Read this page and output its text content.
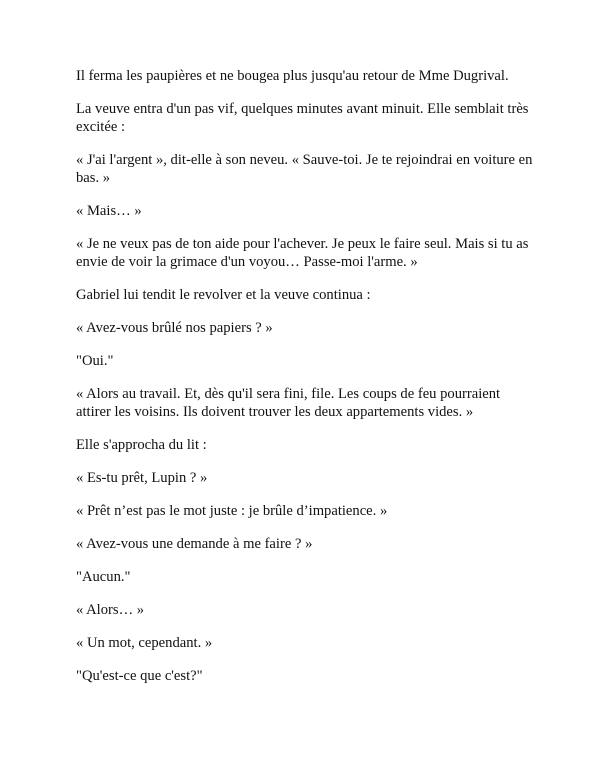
Il ferma les paupières et ne bougea plus jusqu'au retour de Mme Dugrival.

La veuve entra d'un pas vif, quelques minutes avant minuit. Elle semblait très excitée :

« J'ai l'argent », dit-elle à son neveu. « Sauve-toi. Je te rejoindrai en voiture en bas. »

« Mais… »

« Je ne veux pas de ton aide pour l'achever. Je peux le faire seul. Mais si tu as envie de voir la grimace d'un voyou… Passe-moi l'arme. »

Gabriel lui tendit le revolver et la veuve continua :

« Avez-vous brûlé nos papiers ? »

"Oui."

« Alors au travail. Et, dès qu'il sera fini, file. Les coups de feu pourraient attirer les voisins. Ils doivent trouver les deux appartements vides. »

Elle s'approcha du lit :

« Es-tu prêt, Lupin ? »

« Prêt n’est pas le mot juste : je brûle d’impatience. »

« Avez-vous une demande à me faire ? »

"Aucun."

« Alors… »

« Un mot, cependant. »

"Qu'est-ce que c'est?"
